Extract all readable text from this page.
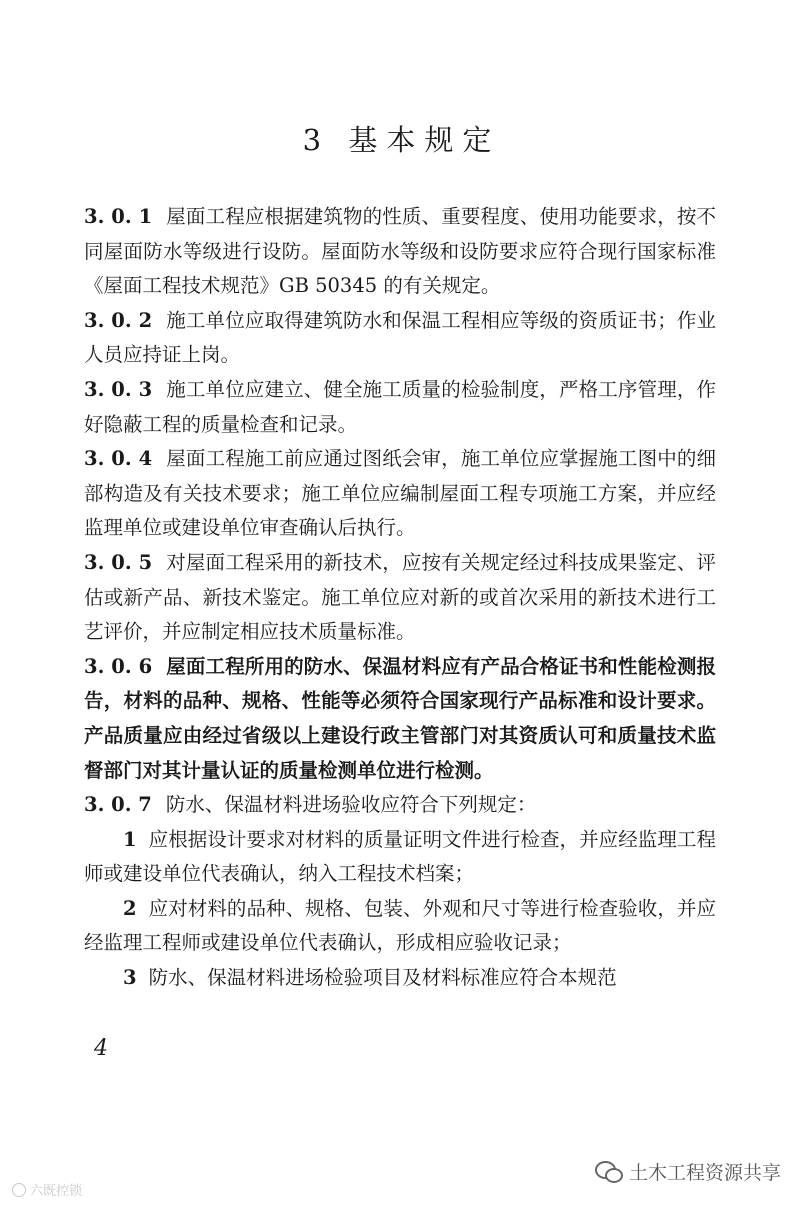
3 基本规定

3. 0. 1 屋面工程应根据建筑物的性质、重要程度、使用功能要求，按不同屋面防水等级进行设防。屋面防水等级和设防要求应符合现行国家标准《屋面工程技术规范》GB 50345 的有关规定。

3. 0. 2 施工单位应取得建筑防水和保温工程相应等级的资质证书；作业人员应持证上岗。

3. 0. 3 施工单位应建立、健全施工质量的检验制度，严格工序管理，作好隐蔽工程的质量检查和记录。

3. 0. 4 屋面工程施工前应通过图纸会审，施工单位应掌握施工图中的细部构造及有关技术要求；施工单位应编制屋面工程专项施工方案，并应经监理单位或建设单位审查确认后执行。

3. 0. 5 对屋面工程采用的新技术，应按有关规定经过科技成果鉴定、评估或新产品、新技术鉴定。施工单位应对新的或首次采用的新技术进行工艺评价，并应制定相应技术质量标准。

3. 0. 6 屋面工程所用的防水、保温材料应有产品合格证书和性能检测报告，材料的品种、规格、性能等必须符合国家现行产品标准和设计要求。产品质量应由经过省级以上建设行政主管部门对其资质认可和质量技术监督部门对其计量认证的质量检测单位进行检测。

3. 0. 7 防水、保温材料进场验收应符合下列规定：

1 应根据设计要求对材料的质量证明文件进行检查，并应经监理工程师或建设单位代表确认，纳入工程技术档案；

2 应对材料的品种、规格、包装、外观和尺寸等进行检查验收，并应经监理工程师或建设单位代表确认，形成相应验收记录；

3 防水、保温材料进场检验项目及材料标准应符合本规范

4
六既控锁
土木工程资源共享
